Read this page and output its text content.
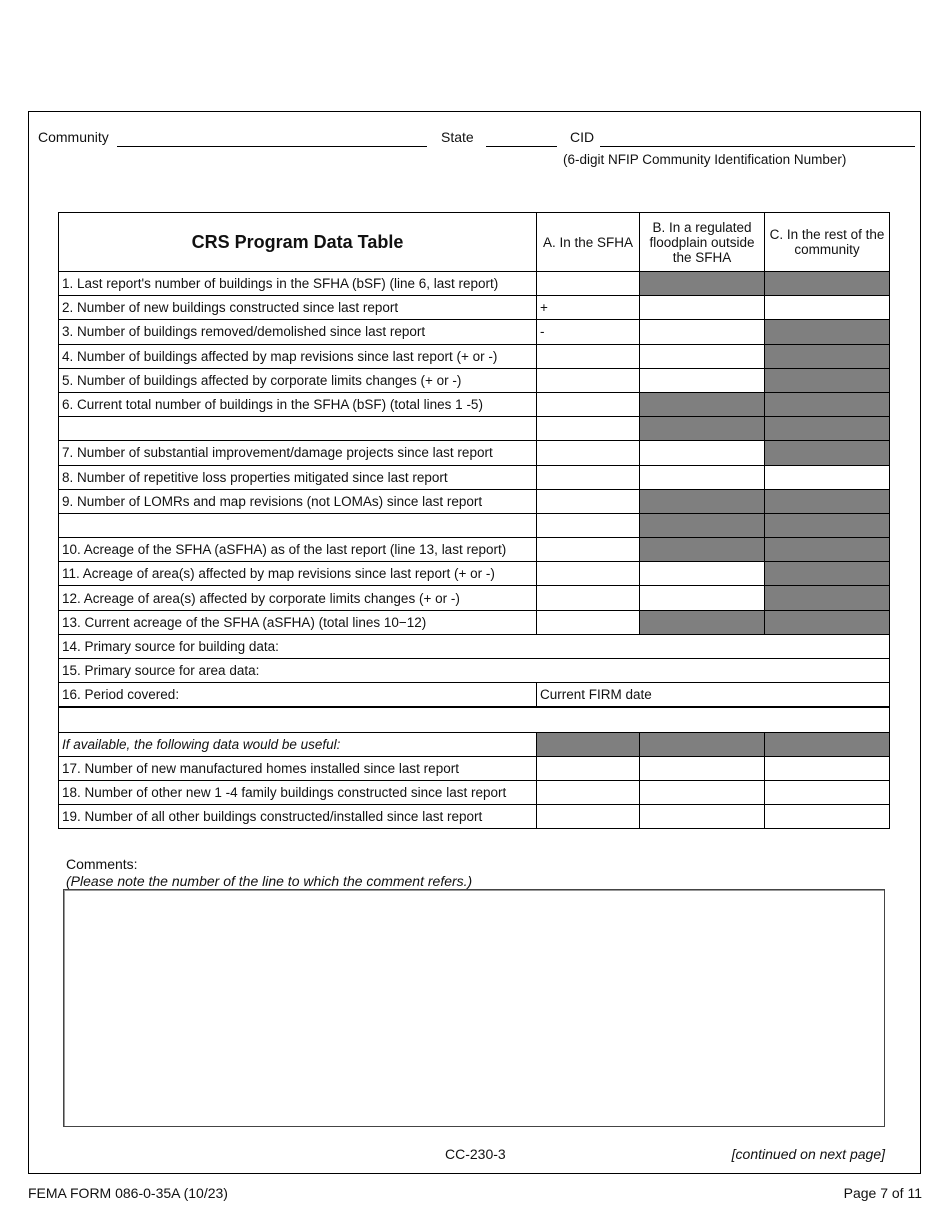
Community	State	CID
(6-digit NFIP Community Identification Number)
CRS Program Data Table	A. In the SFHA	B. In a regulated floodplain outside the SFHA	C. In the rest of the community
1. Last report's number of buildings in the SFHA (bSF) (line 6, last report)			
2. Number of new buildings constructed since last report	+		
3. Number of buildings removed/demolished since last report	-		
4. Number of buildings affected by map revisions since last report (+ or -)			
5. Number of buildings affected by corporate limits changes (+ or -)			
6. Current total number of buildings in the SFHA (bSF) (total lines 1 -5)			

7. Number of substantial improvement/damage projects since last report			
8. Number of repetitive loss properties mitigated since last report			
9. Number of LOMRs and map revisions (not LOMAs) since last report			

10. Acreage of the SFHA (aSFHA) as of the last report (line 13, last report)			
11. Acreage of area(s) affected by map revisions since last report (+ or -)			
12. Acreage of area(s) affected by corporate limits changes (+ or -)			
13. Current acreage of the SFHA (aSFHA) (total lines 10−12)			
14. Primary source for building data:			
15. Primary source for area data:			
16. Period covered:	Current FIRM date		

If available, the following data would be useful:			
17. Number of new manufactured homes installed since last report			
18. Number of other new 1 -4 family buildings constructed since last report			
19. Number of all other buildings constructed/installed since last report			
Comments:
(Please note the number of the line to which the comment refers.)
CC-230-3	[continued on next page]
FEMA FORM 086-0-35A (10/23)	Page 7 of 11
